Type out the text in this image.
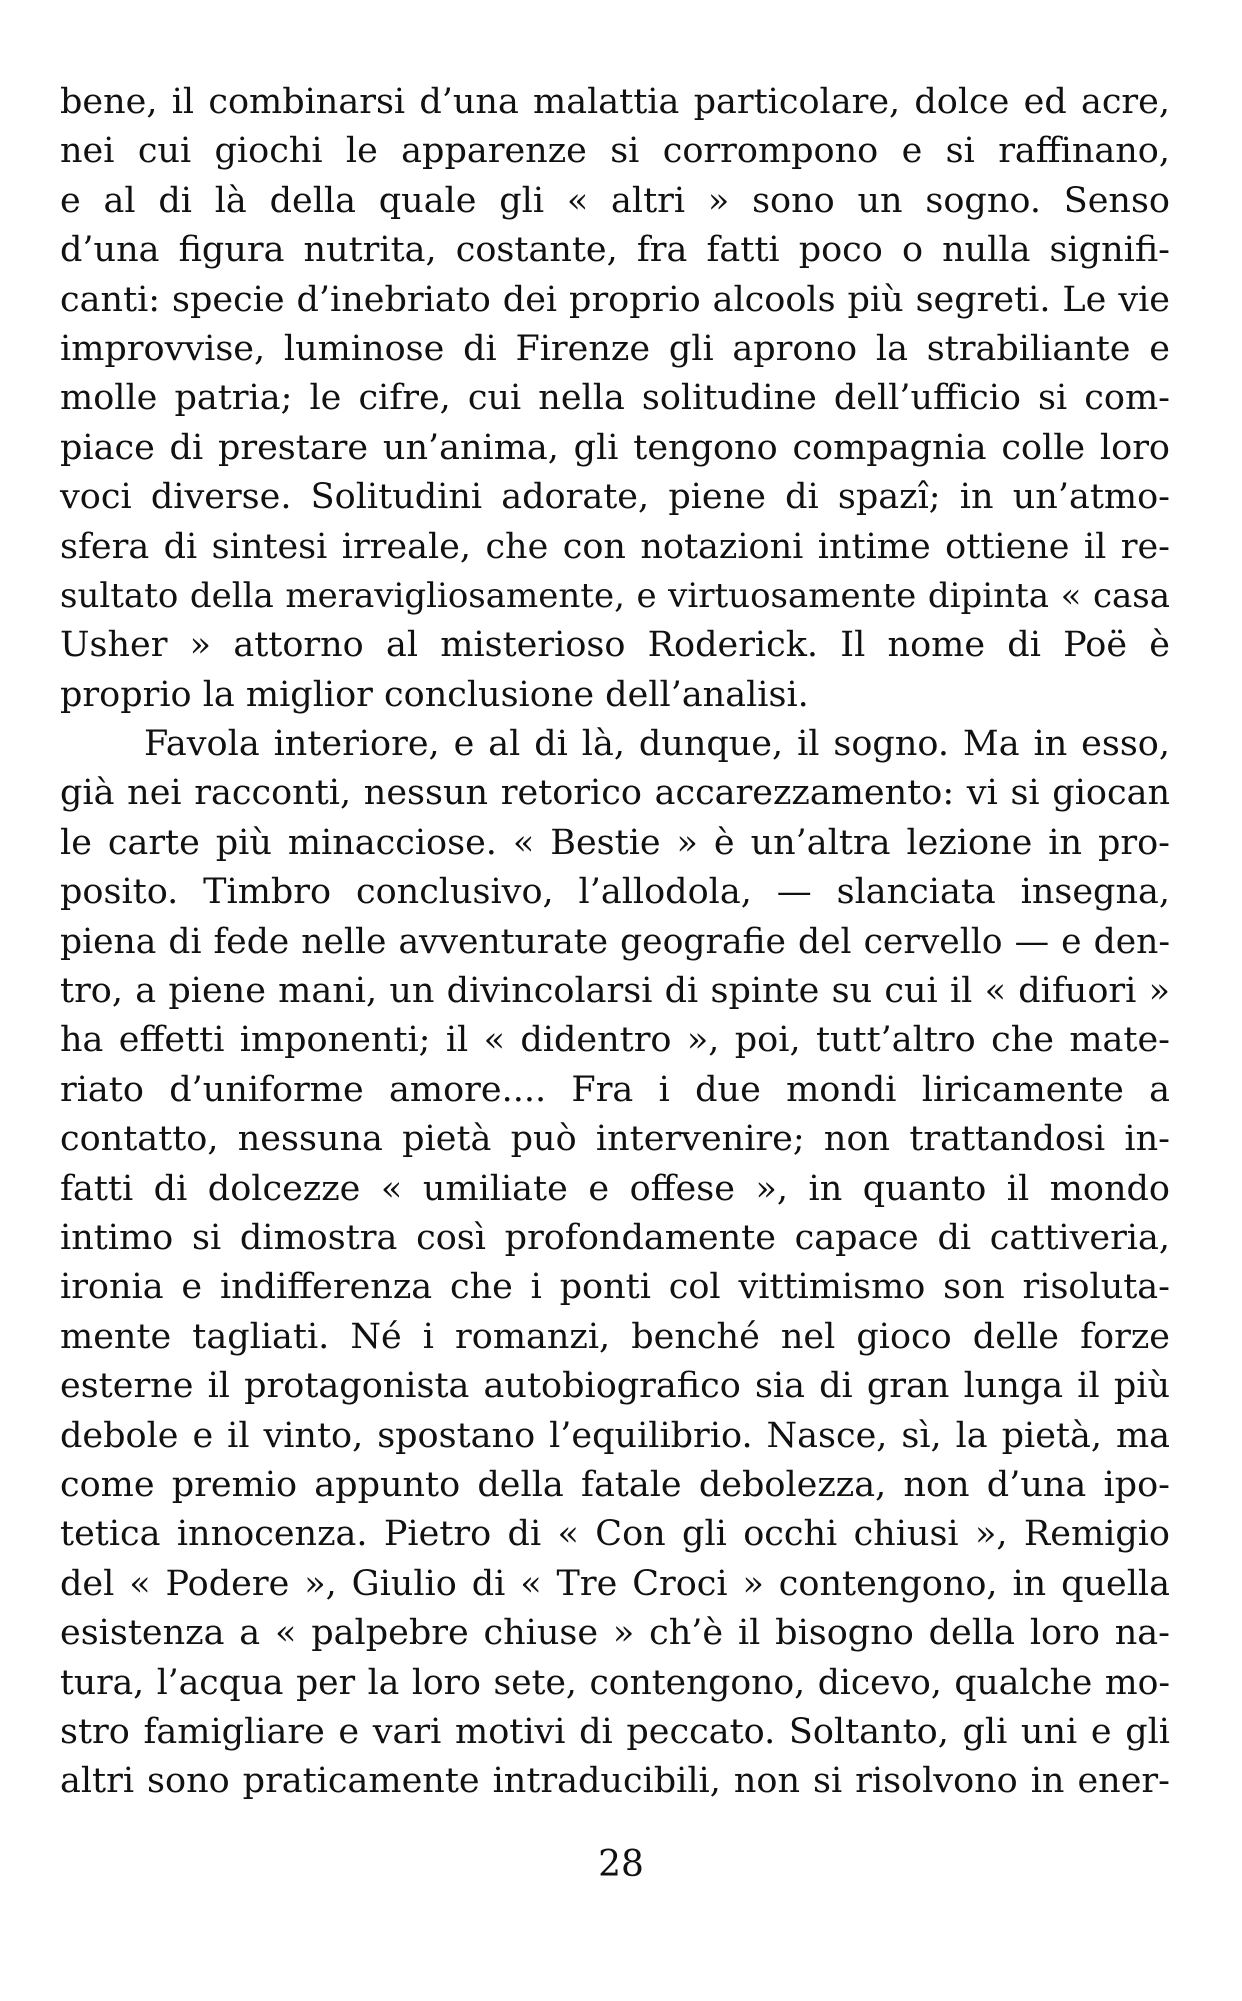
bene, il combinarsi d’una malattia particolare, dolce ed acre,
nei cui giochi le apparenze si corrompono e si raffinano,
e al di là della quale gli « altri » sono un sogno. Senso
d’una figura nutrita, costante, fra fatti poco o nulla signifi-
canti: specie d’inebriato dei proprio alcools più segreti. Le vie
improvvise, luminose di Firenze gli aprono la strabiliante e
molle patria; le cifre, cui nella solitudine dell’ufficio si com-
piace di prestare un’anima, gli tengono compagnia colle loro
voci diverse. Solitudini adorate, piene di spazî; in un’atmo-
sfera di sintesi irreale, che con notazioni intime ottiene il re-
sultato della meravigliosamente, e virtuosamente dipinta « casa
Usher » attorno al misterioso Roderick. Il nome di Poë è
proprio la miglior conclusione dell’analisi.
Favola interiore, e al di là, dunque, il sogno. Ma in esso,
già nei racconti, nessun retorico accarezzamento: vi si giocan
le carte più minacciose. « Bestie » è un’altra lezione in pro-
posito. Timbro conclusivo, l’allodola, — slanciata insegna,
piena di fede nelle avventurate geografie del cervello — e den-
tro, a piene mani, un divincolarsi di spinte su cui il « difuori »
ha effetti imponenti; il « didentro », poi, tutt’altro che mate-
riato d’uniforme amore.... Fra i due mondi liricamente a
contatto, nessuna pietà può intervenire; non trattandosi in-
fatti di dolcezze « umiliate e offese », in quanto il mondo
intimo si dimostra così profondamente capace di cattiveria,
ironia e indifferenza che i ponti col vittimismo son risoluta-
mente tagliati. Né i romanzi, benché nel gioco delle forze
esterne il protagonista autobiografico sia di gran lunga il più
debole e il vinto, spostano l’equilibrio. Nasce, sì, la pietà, ma
come premio appunto della fatale debolezza, non d’una ipo-
tetica innocenza. Pietro di « Con gli occhi chiusi », Remigio
del « Podere », Giulio di « Tre Croci » contengono, in quella
esistenza a « palpebre chiuse » ch’è il bisogno della loro na-
tura, l’acqua per la loro sete, contengono, dicevo, qualche mo-
stro famigliare e vari motivi di peccato. Soltanto, gli uni e gli
altri sono praticamente intraducibili, non si risolvono in ener-
28
